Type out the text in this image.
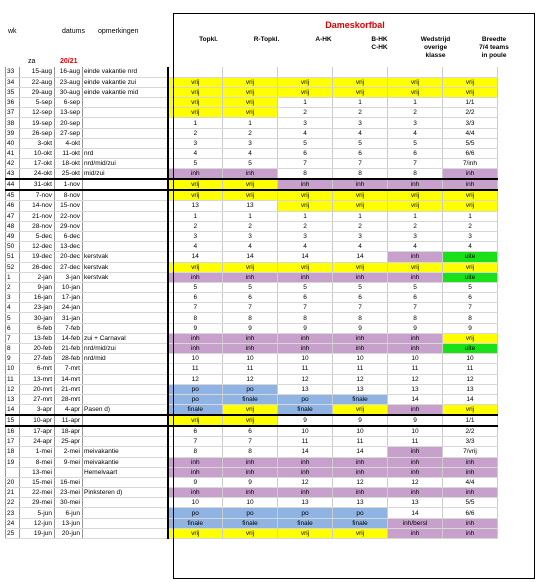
wk	datums opmerkingen
za	20/21
Dameskorfbal
Topkl.	R-Topkl.	A-HK	B-HK
C-HK
Wedstrijd
overige
klasse
Breedte
7/4 teams
in poule
33	15-aug	16-aug	einde vakantie nrd						
34	22-aug	23-aug	einde vakantie zui	vrij	vrij	vrij	vrij	vrij	vrij
35	29-aug	30-aug	einde vakantie mid	vrij	vrij	vrij	vrij	vrij	vrij
36	5-sep	6-sep		vrij	vrij	1	1	1	1/1
37	12-sep	13-sep		vrij	vrij	2	2	2	2/2
38	19-sep	20-sep		1	1	3	3	3	3/3
39	26-sep	27-sep		2	2	4	4	4	4/4
40	3-okt	4-okt		3	3	5	5	5	5/5
41	10-okt	11-okt	nrd	4	4	6	6	6	6/6
42	17-okt	18-okt	nrd/mid/zui	5	5	7	7	7	7/inh
43	24-okt	25-okt	mid/zui	inh	inh	8	8	8	inh
44	31-okt	1-nov		vrij	vrij	inh	inh	inh	inh
45	7-nov	8-nov		vrij	vrij	vrij	vrij	vrij	vrij
46	14-nov	15-nov		13	13	vrij	vrij	vrij	vrij
47	21-nov	22-nov		1	1	1	1	1	1
48	28-nov	29-nov		2	2	2	2	2	2
49	5-dec	6-dec		3	3	3	3	3	3
50	12-dec	13-dec		4	4	4	4	4	4
51	19-dec	20-dec	kerstvak	14	14	14	14	inh	uite
52	26-dec	27-dec	kerstvak	vrij	vrij	vrij	vrij	vrij	vrij
1	2-jan	3-jan	kerstvak	inh	inh	inh	inh	inh	uite
2	9-jan	10-jan		5	5	5	5	5	5
3	16-jan	17-jan		6	6	6	6	6	6
4	23-jan	24-jan		7	7	7	7	7	7
5	30-jan	31-jan		8	8	8	8	8	8
6	6-feb	7-feb		9	9	9	9	9	9
7	13-feb	14-feb	zui + Carnaval	inh	inh	inh	inh	inh	vrij
8	20-feb	21-feb	nrd/mid/zui	inh	inh	inh	inh	inh	uite
9	27-feb	28-feb	nrd/mid	10	10	10	10	10	10
10	6-mrt	7-mrt		11	11	11	11	11	11
11	13-mrt	14-mrt		12	12	12	12	12	12
12	20-mrt	21-mrt		po	po	13	13	13	13
13	27-mrt	28-mrt		po	finale	po	finale	14	14
14	3-apr	4-apr	Pasen d)	finale	vrij	finale	vrij	inh	vrij
15	10-apr	11-apr		vrij	vrij	9	9	9	1/1
16	17-apr	18-apr		6	6	10	10	10	2/2
17	24-apr	25-apr		7	7	11	11	11	3/3
18	1-mei	2-mei	meivakantie	8	8	14	14	inh	7/vrij
19	8-mei	9-mei	meivakantie	inh	inh	inh	inh	inh	inh
	13-mei		Hemelvaart	inh	inh	inh	inh	inh	inh
20	15-mei	16-mei		9	9	12	12	12	4/4
21	22-mei	23-mei	Pinksteren d)	inh	inh	inh	inh	inh	inh
22	29-mei	30-mei		10	10	13	13	13	5/5
23	5-jun	6-jun		po	po	po	po	14	6/6
24	12-jun	13-jun		finale	finale	finale	finale	inh/bersl	inh
25	19-jun	20-jun		vrij	vrij	vrij	vrij	inh	inh
